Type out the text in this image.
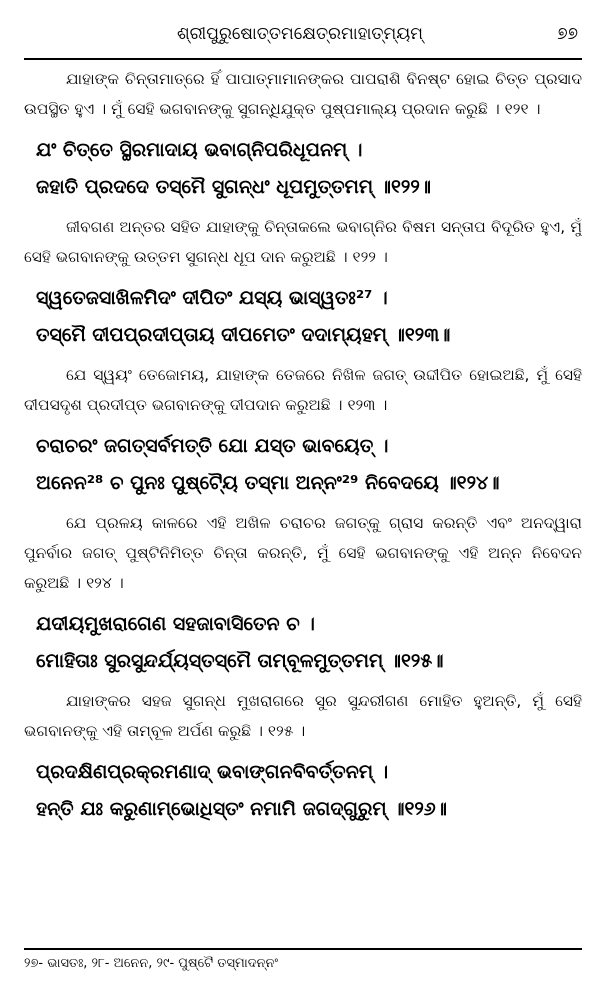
ଶ୍ରୀପୁରୁଷୋତ୍ତମକ୍ଷେତ୍ରମାହାତ୍ମ୍ୟମ୍	୭୭

ଯାହାଙ୍କ ଚିନ୍ତାମାତ୍ରେ ହିଁ ପାପାତ୍ମାମାନଙ୍କର ପାପରାଶି ବିନଷ୍ଟ ହୋଇ ଚିତ୍ତ ପ୍ରସାଦ ଉପସ୍ଥିତ ହୁଏ । ମୁଁ ସେହି ଭଗବାନଙ୍କୁ ସୁଗନ୍ଧିଯୁକ୍ତ ପୁଷ୍ପମାଲ୍ୟ ପ୍ରଦାନ କରୁଛି । ୧୨୧ ।

ଯଂ ଚିତ୍ତେ ସ୍ଥିରମାଦାୟ ଭବାଗ୍ନିପରିଧୂପନମ୍ ।
ଜହାତି ପ୍ରଦଦେ ତସ୍ମୈ ସୁଗନ୍ଧଂ ଧୂପମୁତ୍ତମମ୍ ॥୧୨୨॥

ଜୀବଗଣ ଅନ୍ତର ସହିତ ଯାହାଙ୍କୁ ଚିନ୍ତାକଲେ ଭବାଗ୍ନିର ବିଷମ ସନ୍ତାପ ବିଦୂରିତ ହୁଏ, ମୁଁ ସେହି ଭଗବାନଙ୍କୁ ଉତ୍ତମ ସୁଗନ୍ଧ ଧୂପ ଦାନ କରୁଅଛି । ୧୨୨ ।

ସ୍ୱତେଜସାଖିଳମିଦଂ ଦୀପିତଂ ଯସ୍ୟ ଭାସ୍ୱତଃ²⁷ ।
ତସ୍ମୈ ଦୀପପ୍ରଦୀପ୍ତାୟ ଦୀପମେତଂ ଦଦାମ୍ୟହମ୍ ॥୧୨୩॥

ଯେ ସ୍ୱୟଂ ତେଜୋମୟ, ଯାହାଙ୍କ ତେଜରେ ନିଖିଳ ଜଗତ୍ ଉଦ୍ଦୀପିତ ହୋଇଅଛି, ମୁଁ ସେହି ଦୀପସଦୃଶ ପ୍ରଦୀପ୍ତ ଭଗବାନଙ୍କୁ ଦୀପଦାନ କରୁଅଛି । ୧୨୩ ।

ଚରାଚରଂ ଜଗତ୍ସର୍ବମତ୍ତି ଯୋ ଯସ୍ତ ଭାବୟେତ୍ ।
ଅନେନ²⁸ ଚ ପୁନଃ ପୁଷ୍ଟ୍ୟୈ ତସ୍ମା ଅନ୍ନଂ²⁹ ନିବେଦୟେ ॥୧୨୪॥

ଯେ ପ୍ରଳୟ କାଳରେ ଏହି ଅଖିଳ ଚରାଚର ଜଗତ୍‌କୁ ଗ୍ରାସ କରନ୍ତି ଏବଂ ଅନଦ୍ୱାରା ପୁନର୍ବାର ଜଗତ୍ ପୁଷ୍ଟିନିମିତ୍ତ ଚିନ୍ତା କରନ୍ତି, ମୁଁ ସେହି ଭଗବାନଙ୍କୁ ଏହି ଅନ୍ନ ନିବେଦନ କରୁଅଛି । ୧୨୪ ।

ଯଦୀୟମୁଖରାଗେଣ ସହଜାବାସିତେନ ଚ ।
ମୋହିତାଃ ସୁରସୁନ୍ଦର୍ଯ୍ୟସ୍ତସ୍ମୈ ତାମ୍ବୂଳମୁତ୍ତମମ୍ ॥୧୨୫॥

ଯାହାଙ୍କର ସହଜ ସୁଗନ୍ଧ ମୁଖରାଗରେ ସୁର ସୁନ୍ଦରୀଗଣ ମୋହିତ ହୁଅନ୍ତି, ମୁଁ ସେହି ଭଗବାନଙ୍କୁ ଏହି ତାମ୍ବୂଳ ଅର୍ପଣ କରୁଛି । ୧୨୫ ।

ପ୍ରଦକ୍ଷିଣପ୍ରକ୍ରମଣାଦ୍ ଭବାଙ୍ଗନବିବର୍ତ୍ତନମ୍ ।
ହନ୍ତି ଯଃ କରୁଣାମ୍ଭୋଧିସ୍ତଂ ନମାମି ଜଗଦ୍‌ଗୁରୁମ୍ ॥୧୨୬॥
୨୭- ଭାସତଃ, ୨୮- ଅନେନ, ୨୯- ପୁଷ୍ଟୈ ତସ୍ମାଦନ୍ନଂ
